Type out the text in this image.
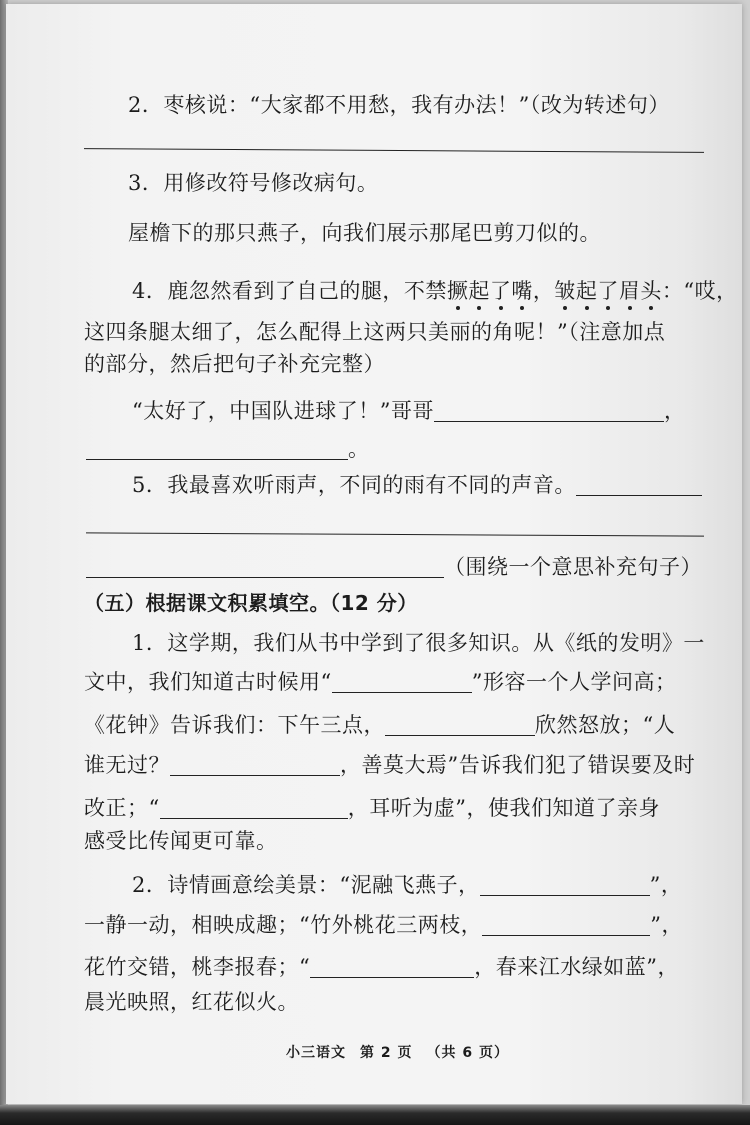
2．枣核说：“大家都不用愁，我有办法！”（改为转述句）
3．用修改符号修改病句。
屋檐下的那只燕子，向我们展示那尾巴剪刀似的。
4．鹿忽然看到了自己的腿，不禁撅起了嘴，皱起了眉头：“哎，
这四条腿太细了，怎么配得上这两只美丽的角呢！”（注意加点
的部分，然后把句子补充完整）
“太好了，中国队进球了！”哥哥	，
。
5．我最喜欢听雨声，不同的雨有不同的声音。
（围绕一个意思补充句子）
（五）根据课文积累填空。（12 分）
1．这学期，我们从书中学到了很多知识。从《纸的发明》一
文中，我们知道古时候用“	”形容一个人学问高；
《花钟》告诉我们：下午三点，	欣然怒放；“人
谁无过？	，善莫大焉”告诉我们犯了错误要及时
改正；“	，耳听为虚”，使我们知道了亲身
感受比传闻更可靠。
2．诗情画意绘美景：“泥融飞燕子，	”，
一静一动，相映成趣；“竹外桃花三两枝，	”，
花竹交错，桃李报春；“	，春来江水绿如蓝”，
晨光映照，红花似火。
小三语文 第 2 页 （共 6 页）
